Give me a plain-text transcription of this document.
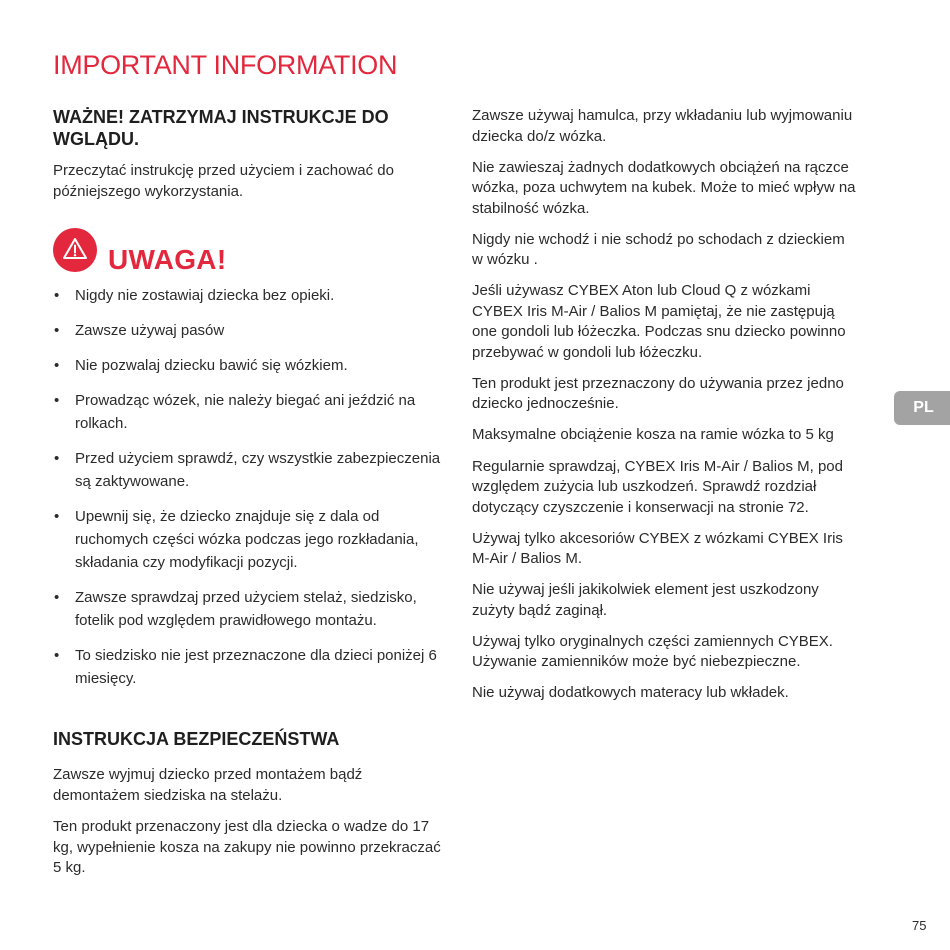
IMPORTANT INFORMATION
WAŻNE! ZATRZYMAJ INSTRUKCJE DO WGLĄDU.

Przeczytać instrukcję przed użyciem i zachować do późniejszego wykorzystania.

UWAGA!
• Nigdy nie zostawiaj dziecka bez opieki.
• Zawsze używaj pasów
• Nie pozwalaj dziecku bawić się wózkiem.
• Prowadząc wózek, nie należy biegać ani jeździć na rolkach.
• Przed użyciem sprawdź, czy wszystkie zabezpieczenia są zaktywowane.
• Upewnij się, że dziecko znajduje się z dala od ruchomych części wózka podczas jego rozkładania, składania czy modyfikacji pozycji.
• Zawsze sprawdzaj przed użyciem stelaż, siedzisko, fotelik pod względem prawidłowego montażu.
• To siedzisko nie jest przeznaczone dla dzieci poniżej 6 miesięcy.
INSTRUKCJA BEZPIECZEŃSTWA

Zawsze wyjmuj dziecko przed montażem bądź demontażem siedziska na stelażu.

Ten produkt przenaczony jest dla dziecka o wadze do 17 kg, wypełnienie kosza na zakupy nie powinno przekraczać 5 kg.

Zawsze używaj hamulca, przy wkładaniu lub wyjmowaniu dziecka do/z wózka.

Nie zawieszaj żadnych dodatkowych obciążeń na rączce wózka, poza uchwytem na kubek. Może to mieć wpływ na stabilność wózka.

Nigdy nie wchodź i nie schodź po schodach z dzieckiem w wózku .

Jeśli używasz CYBEX Aton lub Cloud Q z wózkami CYBEX Iris M-Air / Balios M pamiętaj, że nie zastępują one gondoli lub łóżeczka. Podczas snu dziecko powinno przebywać w gondoli lub łóżeczku.

Ten produkt jest przeznaczony do używania przez jedno dziecko jednocześnie.

Maksymalne obciążenie kosza na ramie wózka to 5 kg

Regularnie sprawdzaj, CYBEX Iris M-Air / Balios M, pod względem zużycia lub uszkodzeń. Sprawdź rozdział dotyczący czyszczenie i konserwacji na stronie 72.

Używaj tylko akcesoriów CYBEX z wózkami CYBEX Iris M-Air / Balios M.

Nie używaj jeśli jakikolwiek element jest uszkodzony zużyty bądź zaginął.

Używaj tylko oryginalnych części zamiennych CYBEX. Używanie zamienników może być niebezpieczne.

Nie używaj dodatkowych materacy lub wkładek.

PL
75
